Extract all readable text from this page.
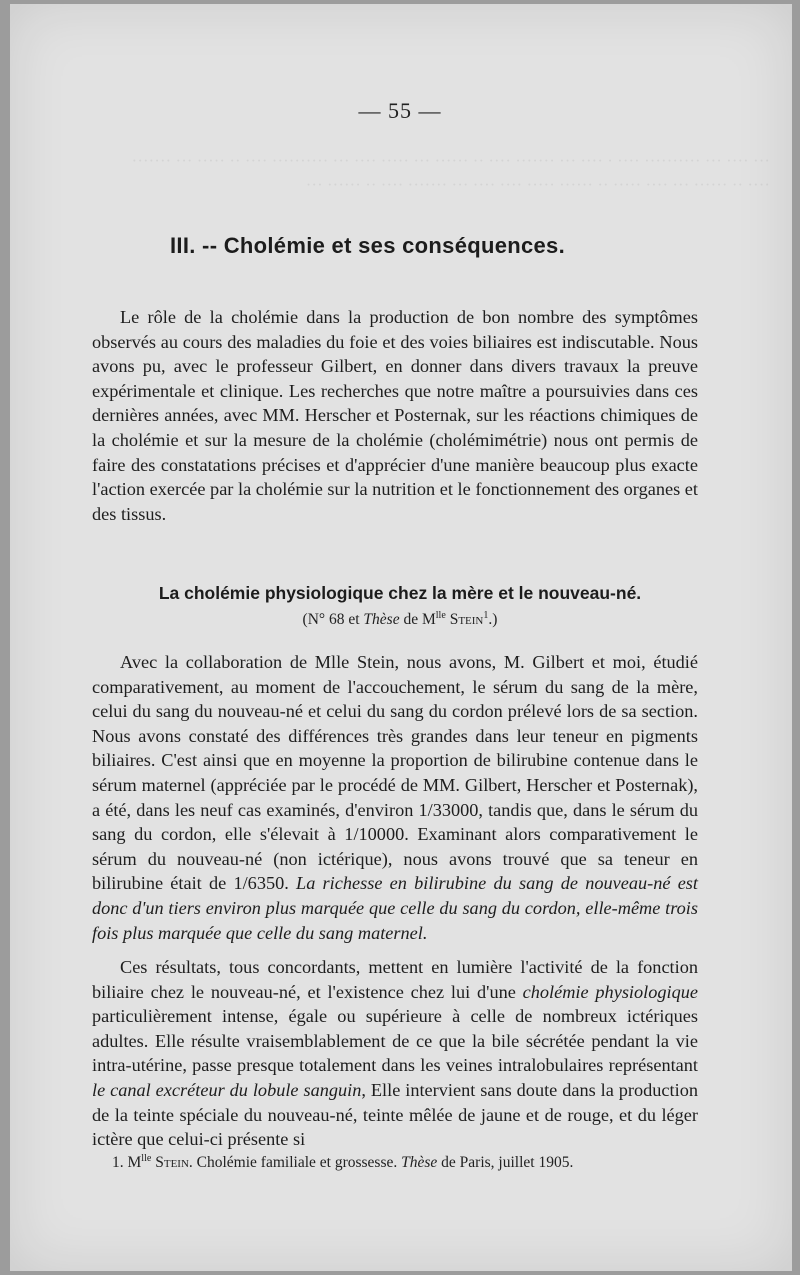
··· ···· ··· ·········· ···· · ···· ··· ······· ···· ·· ······ ··· ····· ···· ··· ·········· ···· ·· ····· ··· ······· ···· ·· ······ ··· ···· ····· ·· ······ ····· ···· ···· ··· ······· ···· ·· ······ ···
— 55 —
III. -- Cholémie et ses conséquences.

Le rôle de la cholémie dans la production de bon nombre des symptômes observés au cours des maladies du foie et des voies biliaires est indiscutable. Nous avons pu, avec le professeur Gilbert, en donner dans divers travaux la preuve expérimentale et clinique. Les recherches que notre maître a poursuivies dans ces dernières années, avec MM. Herscher et Posternak, sur les réactions chimiques de la cholémie et sur la mesure de la cholémie (cholémimétrie) nous ont permis de faire des constatations précises et d'apprécier d'une manière beaucoup plus exacte l'action exercée par la cholémie sur la nutrition et le fonctionnement des organes et des tissus.

La cholémie physiologique chez la mère et le nouveau-né.
(N° 68 et Thèse de $M^{lle}$ Stein$^1$.)

Avec la collaboration de Mlle Stein, nous avons, M. Gilbert et moi, étudié comparativement, au moment de l'accouchement, le sérum du sang de la mère, celui du sang du nouveau-né et celui du sang du cordon prélevé lors de sa section. Nous avons constaté des différences très grandes dans leur teneur en pigments biliaires. C'est ainsi que en moyenne la proportion de bilirubine contenue dans le sérum maternel (appréciée par le procédé de MM. Gilbert, Herscher et Posternak), a été, dans les neuf cas examinés, d'environ 1/33000, tandis que, dans le sérum du sang du cordon, elle s'élevait à 1/10000. Examinant alors comparativement le sérum du nouveau-né (non ictérique), nous avons trouvé que sa teneur en bilirubine était de 1/6350. La richesse en bilirubine du sang de nouveau-né est donc d'un tiers environ plus marquée que celle du sang du cordon, elle-même trois fois plus marquée que celle du sang maternel.

Ces résultats, tous concordants, mettent en lumière l'activité de la fonction biliaire chez le nouveau-né, et l'existence chez lui d'une cholémie physiologique particulièrement intense, égale ou supérieure à celle de nombreux ictériques adultes. Elle résulte vraisemblablement de ce que la bile sécrétée pendant la vie intra-utérine, passe presque totalement dans les veines intralobulaires représentant le canal excréteur du lobule sanguin, Elle intervient sans doute dans la production de la teinte spéciale du nouveau-né, teinte mêlée de jaune et de rouge, et du léger ictère que celui-ci présente si

1. $M^{lle}$ Stein. Cholémie familiale et grossesse. Thèse de Paris, juillet 1905.
